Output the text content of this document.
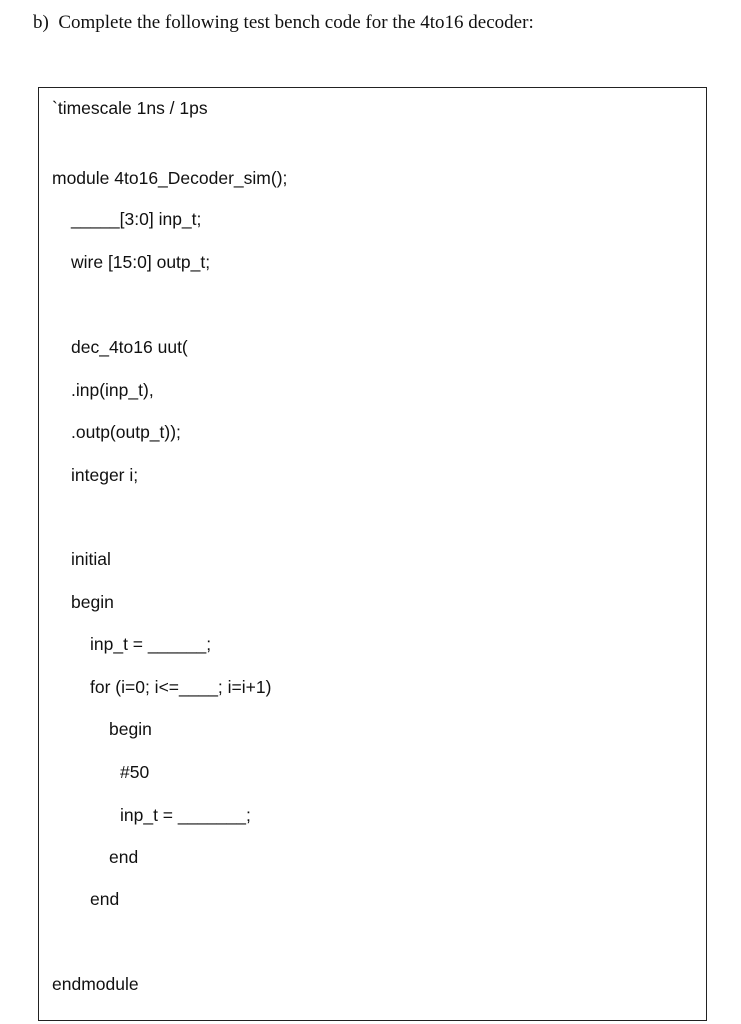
b)  Complete the following test bench code for the 4to16 decoder:
`timescale 1ns / 1ps
module 4to16_Decoder_sim();
_____[3:0] inp_t;
wire [15:0] outp_t;
dec_4to16 uut(
.inp(inp_t),
.outp(outp_t));
integer i;
initial
begin
inp_t = ______;
for (i=0; i<=____; i=i+1)
begin
#50
inp_t = _______;
end
end
endmodule
